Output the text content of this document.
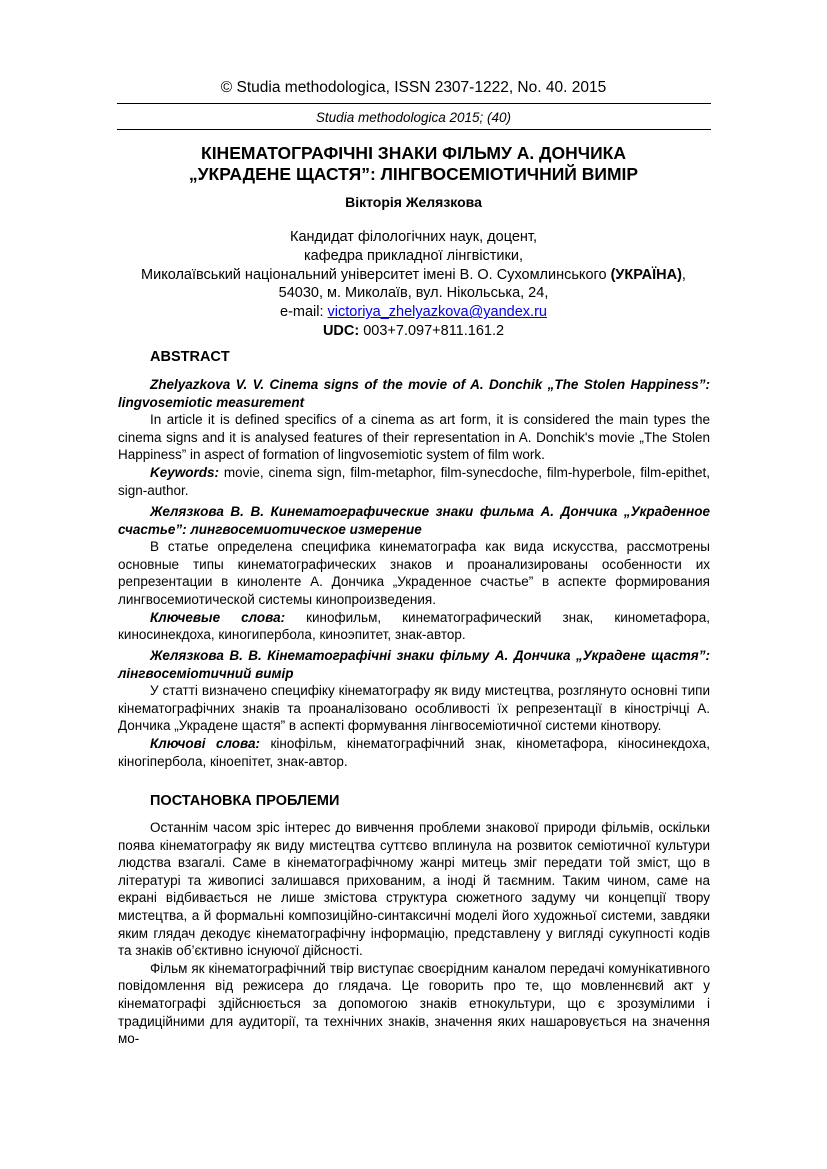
© Studia methodologica, ISSN 2307-1222, No. 40. 2015
Studia methodologica 2015; (40)
КІНЕМАТОГРАФІЧНІ ЗНАКИ ФІЛЬМУ А. ДОНЧИКА
„УКРАДЕНЕ ЩАСТЯ”: ЛІНГВОСЕМІОТИЧНИЙ ВИМІР
Вікторія Желязкова
Кандидат філологічних наук, доцент,
кафедра прикладної лінгвістики,
Миколаївський національний університет імені В. О. Сухомлинського (УКРАЇНА),
54030, м. Миколаїв, вул. Нікольська, 24,
e-mail: victoriya_zhelyazkova@yandex.ru
UDC: 003+7.097+811.161.2
ABSTRACT

Zhelyazkova V. V. Cinema signs of the movie of A. Donchik „The Stolen Happiness”: lingvosemiotic measurement

In article it is defined specifics of a cinema as art form, it is considered the main types the cinema signs and it is analysed features of their representation in A. Donchik's movie „The Stolen Happiness” in aspect of formation of lingvosemiotic system of film work.

Keywords: movie, cinema sign, film-metaphor, film-synecdoche, film-hyperbole, film-epithet, sign-author.

Желязкова В. В. Кинематографические знаки фильма А. Дончика „Украденное счастье”: лингвосемиотическое измерение

В статье определена специфика кинематографа как вида искусства, рассмотрены основные типы кинематографических знаков и проанализированы особенности их репрезентации в киноленте А. Дончика „Украденное счастье” в аспекте формирования лингвосемиотической системы кинопроизведения.

Ключевые слова: кинофильм, кинематографический знак, кинометафора, киносинекдоха, киногипербола, киноэпитет, знак-автор.

Желязкова В. В. Кінематографічні знаки фільму А. Дончика „Украдене щастя”: лінгвосеміотичний вимір

У статті визначено специфіку кінематографу як виду мистецтва, розглянуто основні типи кінематографічних знаків та проаналізовано особливості їх репрезентації в кінострічці А. Дончика „Украдене щастя” в аспекті формування лінгвосеміотичної системи кінотвору.

Ключові слова: кінофільм, кінематографічний знак, кінометафора, кіносинекдоха, кіногіпербола, кіноепітет, знак-автор.

ПОСТАНОВКА ПРОБЛЕМИ

Останнім часом зріс інтерес до вивчення проблеми знакової природи фільмів, оскільки поява кінематографу як виду мистецтва суттєво вплинула на розвиток семіотичної культури людства взагалі. Саме в кінематографічному жанрі митець зміг передати той зміст, що в літературі та живописі залишався прихованим, а іноді й таємним. Таким чином, саме на екрані відбивається не лише змістова структура сюжетного задуму чи концепції твору мистецтва, а й формальні композиційно-синтаксичні моделі його художньої системи, завдяки яким глядач декодує кінематографічну інформацію, представлену у вигляді сукупності кодів та знаків об’єктивно існуючої дійсності.

Фільм як кінематографічний твір виступає своєрідним каналом передачі комунікативного повідомлення від режисера до глядача. Це говорить про те, що мовленнєвий акт у кінематографі здійснюється за допомогою знаків етнокультури, що є зрозумілими і традиційними для аудиторії, та технічних знаків, значення яких нашаровується на значення мо-
